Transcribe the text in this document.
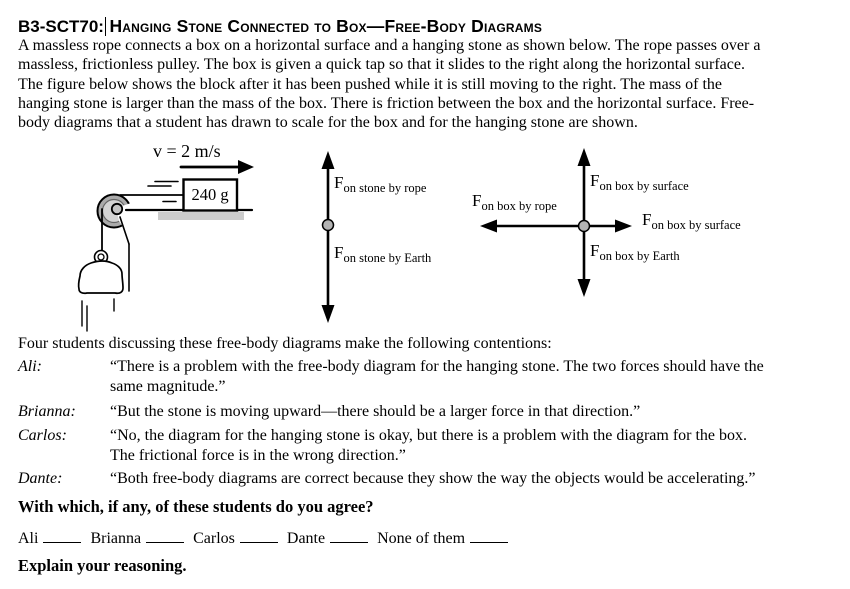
B3-SCT70: Hanging Stone Connected to Box—Free-Body Diagrams
A massless rope connects a box on a horizontal surface and a hanging stone as shown below. The rope passes over a
massless, frictionless pulley. The box is given a quick tap so that it slides to the right along the horizontal surface.
The figure below shows the block after it has been pushed while it is still moving to the right. The mass of the
hanging stone is larger than the mass of the box. There is friction between the box and the horizontal surface. Free-
body diagrams that a student has drawn to scale for the box and for the hanging stone are shown.
v = 2 m/s
240 g
$F_{on stone by rope}$
$F_{on stone by Earth}$
$F_{on box by surface}$
$F_{on box by rope}$
$F_{on box by surface}$
$F_{on box by Earth}$
Four students discussing these free-body diagrams make the following contentions:
Ali:	“There is a problem with the free-body diagram for the hanging stone. The two forces should have the
same magnitude.”
Brianna:	“But the stone is moving upward—there should be a larger force in that direction.”
Carlos:	“No, the diagram for the hanging stone is okay, but there is a problem with the diagram for the box.
The frictional force is in the wrong direction.”
Dante:	“Both free-body diagrams are correct because they show the way the objects would be accelerating.”
With which, if any, of these students do you agree?
Ali	Brianna	Carlos	Dante	None of them
Explain your reasoning.
